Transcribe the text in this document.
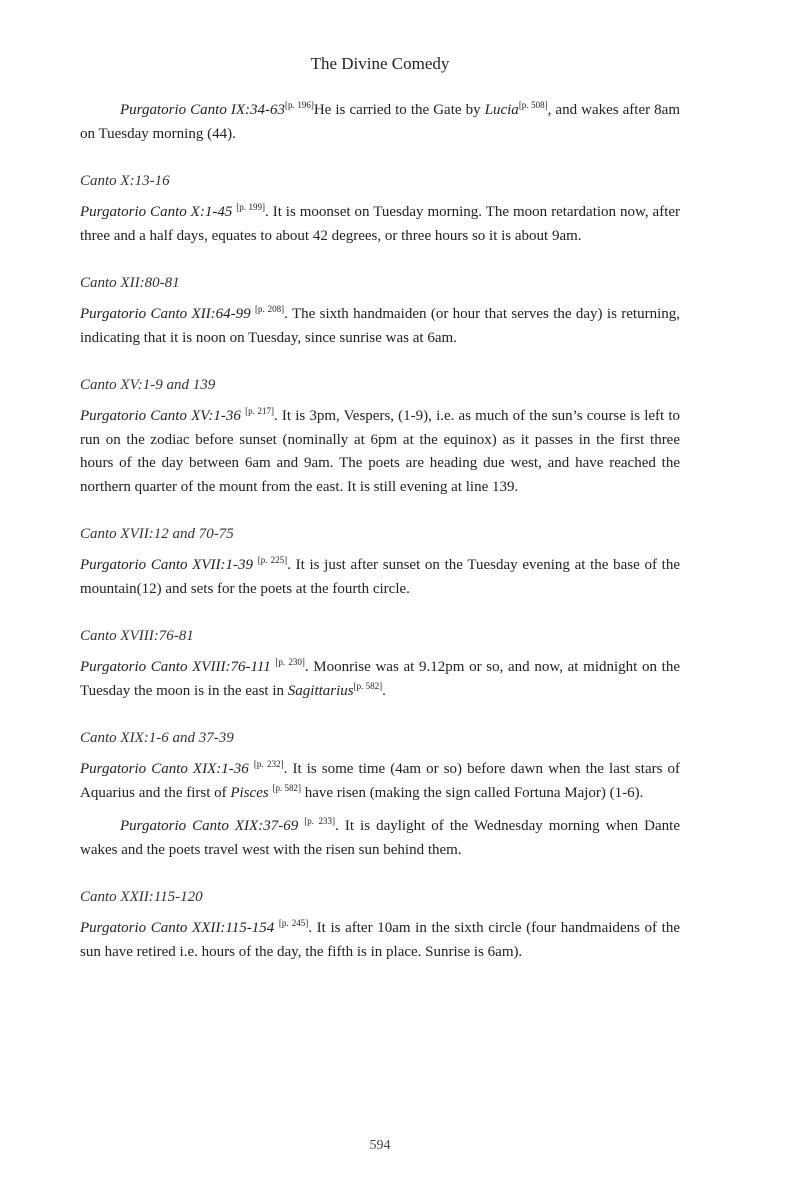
The Divine Comedy

Purgatorio Canto IX:34-63[p. 196]He is carried to the Gate by Lucia[p. 508], and wakes after 8am on Tuesday morning (44).

Canto X:13-16

Purgatorio Canto X:1-45 [p. 199]. It is moonset on Tuesday morning. The moon retardation now, after three and a half days, equates to about 42 degrees, or three hours so it is about 9am.

Canto XII:80-81

Purgatorio Canto XII:64-99 [p. 208]. The sixth handmaiden (or hour that serves the day) is returning, indicating that it is noon on Tuesday, since sunrise was at 6am.

Canto XV:1-9 and 139

Purgatorio Canto XV:1-36 [p. 217]. It is 3pm, Vespers, (1-9), i.e. as much of the sun’s course is left to run on the zodiac before sunset (nominally at 6pm at the equinox) as it passes in the first three hours of the day between 6am and 9am. The poets are heading due west, and have reached the northern quarter of the mount from the east. It is still evening at line 139.

Canto XVII:12 and 70-75

Purgatorio Canto XVII:1-39 [p. 225]. It is just after sunset on the Tuesday evening at the base of the mountain(12) and sets for the poets at the fourth circle.

Canto XVIII:76-81

Purgatorio Canto XVIII:76-111 [p. 230]. Moonrise was at 9.12pm or so, and now, at midnight on the Tuesday the moon is in the east in Sagittarius[p. 582].

Canto XIX:1-6 and 37-39

Purgatorio Canto XIX:1-36 [p. 232]. It is some time (4am or so) before dawn when the last stars of Aquarius and the first of Pisces [p. 582] have risen (making the sign called Fortuna Major) (1-6).

Purgatorio Canto XIX:37-69 [p. 233]. It is daylight of the Wednesday morning when Dante wakes and the poets travel west with the risen sun behind them.

Canto XXII:115-120

Purgatorio Canto XXII:115-154 [p. 245]. It is after 10am in the sixth circle (four handmaidens of the sun have retired i.e. hours of the day, the fifth is in place. Sunrise is 6am).

594
